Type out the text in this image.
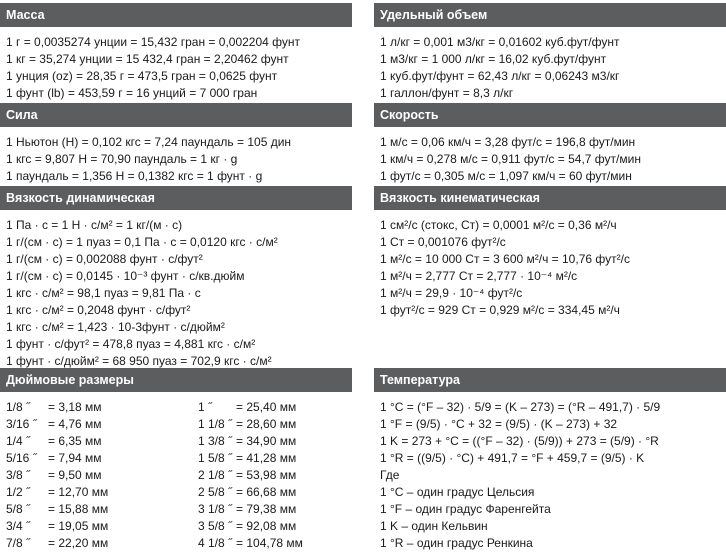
Масса
1 г = 0,0035274 унции = 15,432 гран = 0,002204 фунт
1 кг = 35,274 унции = 15 432,4 гран = 2,20462 фунт
1 унция (oz) = 28,35 г = 473,5 гран = 0,0625 фунт
1 фунт (lb) = 453,59 г = 16 унций = 7 000 гран
Сила
1 Ньютон (Н) = 0,102 кгс = 7,24 паундаль = 105 дин
1 кгс = 9,807 Н = 70,90 паундаль = 1 кг · g
1 паундаль = 1,356 Н = 0,1382 кгс = 1 фунт · g
Вязкость динамическая
1 Па · с = 1 Н · с/м² = 1 кг/(м · с)
1 г/(см · с) = 1 пуаз = 0,1 Па · с = 0,0120 кгс · с/м²
1 г/(см · с) = 0,002088 фунт · с/фут²
1 г/(см · с) = 0,0145 · 10⁻³ фунт · с/кв.дюйм
1 кгс · с/м² = 98,1 пуаз = 9,81 Па · с
1 кгс · с/м² = 0,2048 фунт · с/фут²
1 кгс · с/м² = 1,423 · 10-3фунт · с/дюйм²
1 фунт · с/фут² = 478,8 пуаз = 4,881 кгс · с/м²
1 фунт · с/дюйм² = 68 950 пуаз = 702,9 кгс · с/м²
Дюймовые размеры
1/8 ˝ = 3,18 мм	1 ˝ = 25,40 мм
3/16 ˝ = 4,76 мм	1 1/8 ˝ = 28,60 мм
1/4 ˝ = 6,35 мм	1 3/8 ˝ = 34,90 мм
5/16 ˝ = 7,94 мм	1 5/8 ˝ = 41,28 мм
3/8 ˝ = 9,50 мм	2 1/8 ˝ = 53,98 мм
1/2 ˝ = 12,70 мм	2 5/8 ˝ = 66,68 мм
5/8 ˝ = 15,88 мм	3 1/8 ˝ = 79,38 мм
3/4 ˝ = 19,05 мм	3 5/8 ˝ = 92,08 мм
7/8 ˝ = 22,20 мм	4 1/8 ˝ = 104,78 мм
Удельный объем
1 л/кг = 0,001 м3/кг = 0,01602 куб.фут/фунт
1 м3/кг = 1 000 л/кг = 16,02 куб.фут/фунт
1 куб.фут/фунт = 62,43 л/кг = 0,06243 м3/кг
1 галлон/фунт = 8,3 л/кг
Скорость
1 м/с = 0,06 км/ч = 3,28 фут/с = 196,8 фут/мин
1 км/ч = 0,278 м/с = 0,911 фут/с = 54,7 фут/мин
1 фут/с = 0,305 м/с = 1,097 км/ч = 60 фут/мин
Вязкость кинематическая
1 см²/с (стокс, Ст) = 0,0001 м²/с = 0,36 м²/ч
1 Ст = 0,001076 фут²/с
1 м²/с = 10 000 Ст = 3 600 м²/ч = 10,76 фут²/с
1 м²/ч = 2,777 Ст = 2,777 · 10⁻⁴ м²/с
1 м²/ч = 29,9 · 10⁻⁴ фут²/с
1 фут²/с = 929 Ст = 0,929 м²/с = 334,45 м²/ч
Температура
1 °C = (°F – 32) · 5/9 = (K – 273) = (°R – 491,7) · 5/9
1 °F = (9/5) · °C + 32 = (9/5) · (K – 273) + 32
1 K = 273 + °C = ((°F – 32) · (5/9)) + 273 = (5/9) · °R
1 °R = ((9/5) · °C) + 491,7 = °F + 459,7 = (9/5) · K
Где
1 °C – один градус Цельсия
1 °F – один градус Фаренгейта
1 K – один Кельвин
1 °R – один градус Ренкина
